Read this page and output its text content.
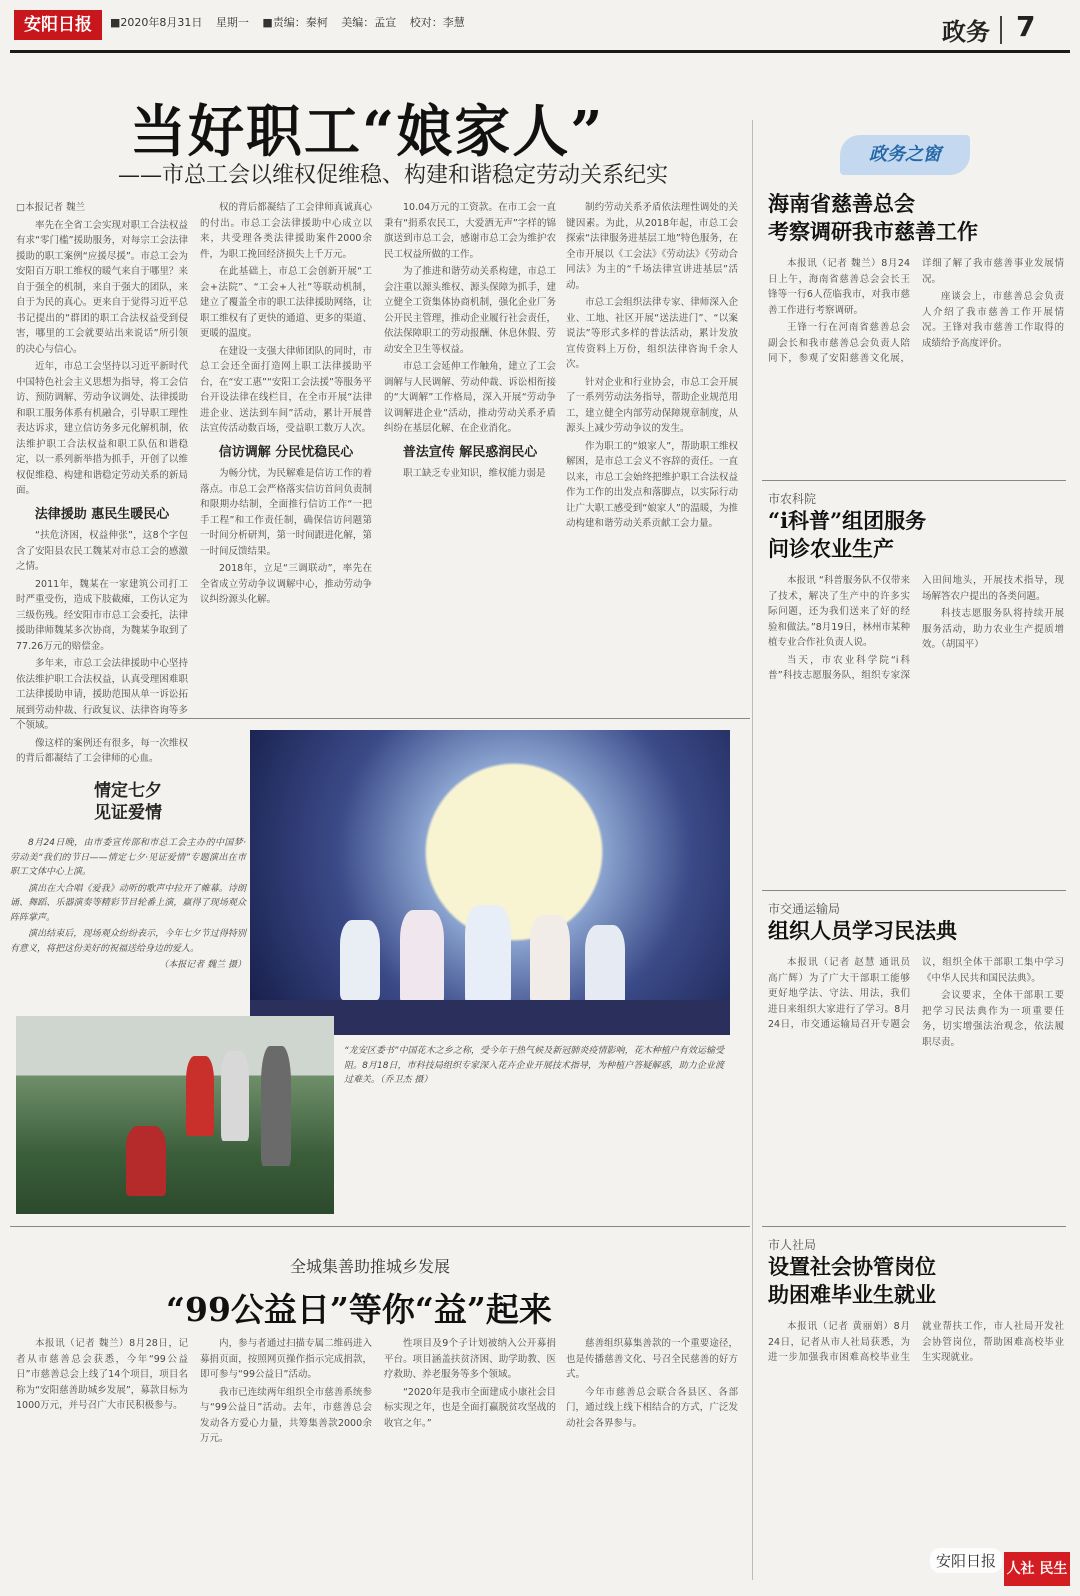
安阳日报	■2020年8月31日 星期一 ■责编：秦柯 美编：孟宣 校对：李慧	政务 7
当好职工“娘家人”
——市总工会以维权促维稳、构建和谐稳定劳动关系纪实

□本报记者 魏兰

率先在全省工会实现对职工合法权益有求“零门槛”援助服务，对每宗工会法律援助的职工案例“应援尽援”。市总工会为安阳百万职工维权的暖气来自于哪里？来自于强全的机制，来自于强大的团队，来自于为民的真心。更来自于觉得习近平总书记提出的“群团的职工合法权益受到侵害，哪里的工会就要站出来说话”所引领的决心与信心。

近年，市总工会坚持以习近平新时代中国特色社会主义思想为指导，将工会信访、预防调解、劳动争议调处、法律援助和职工服务体系有机融合，引导职工理性表达诉求，建立信访务多元化解机制，依法维护职工合法权益和职工队伍和谐稳定，以一系列新举措为抓手，开创了以维权促维稳、构建和谐稳定劳动关系的新局面。

法律援助 惠民生暖民心

“扶危济困，权益伸张”，这8个字包含了安阳县农民工魏某对市总工会的感激之情。

2011年，魏某在一家建筑公司打工时严重受伤，造成下肢截瘫，工伤认定为三级伤残。经安阳市市总工会委托，法律援助律师魏某多次协商，为魏某争取到了77.26万元的赔偿金。

多年来，市总工会法律援助中心坚持依法维护职工合法权益，认真受理困难职工法律援助申请，援助范围从单一诉讼拓展到劳动仲裁、行政复议、法律咨询等多个领域。

像这样的案例还有很多，每一次维权的背后都凝结了工会律师的心血。

权的背后都凝结了工会律师真诚真心的付出。市总工会法律援助中心成立以来，共受理各类法律援助案件2000余件，为职工挽回经济损失上千万元。

在此基础上，市总工会创新开展“工会+法院”、“工会+人社”等联动机制，建立了覆盖全市的职工法律援助网络，让职工维权有了更快的通道、更多的渠道、更暖的温度。

在建设一支强大律师团队的同时，市总工会还全面打造网上职工法律援助平台，在“安工惠”“安阳工会法援”等服务平台开设法律在线栏目，在全市开展“法律进企业、送法到车间”活动，累计开展普法宣传活动数百场，受益职工数万人次。

信访调解 分民忧稳民心

为畅分忧，为民解难是信访工作的着落点。市总工会严格落实信访首问负责制和限期办结制，全面推行信访工作“一把手工程”和工作责任制，确保信访问题第一时间分析研判，第一时间跟进化解，第一时间反馈结果。

2018年，立足“三调联动”，率先在全省成立劳动争议调解中心，推动劳动争议纠纷源头化解。

10.04万元的工资款。在市工会一直秉有“捐系农民工，大爱洒无声”字样的锦旗送到市总工会，感谢市总工会为维护农民工权益所做的工作。

为了推进和谐劳动关系构建，市总工会注重以源头维权、源头保障为抓手，建立健全工资集体协商机制，强化企业厂务公开民主管理，推动企业履行社会责任，依法保障职工的劳动报酬、休息休假、劳动安全卫生等权益。

市总工会延伸工作触角，建立了工会调解与人民调解、劳动仲裁、诉讼相衔接的“大调解”工作格局，深入开展“劳动争议调解进企业”活动，推动劳动关系矛盾纠纷在基层化解、在企业消化。

普法宣传 解民惑润民心

职工缺乏专业知识，维权能力弱是

制约劳动关系矛盾依法理性调处的关键因素。为此，从2018年起，市总工会探索“法律服务进基层工地”特色服务，在全市开展以《工会法》《劳动法》《劳动合同法》为主的“千场法律宣讲进基层”活动。

市总工会组织法律专家、律师深入企业、工地、社区开展“送法进门”、“以案说法”等形式多样的普法活动，累计发放宣传资料上万份，组织法律咨询千余人次。

针对企业和行业协会，市总工会开展了一系列劳动法务指导，帮助企业规范用工，建立健全内部劳动保障规章制度，从源头上减少劳动争议的发生。

作为职工的“娘家人”，帮助职工维权解困，是市总工会义不容辞的责任。一直以来，市总工会始终把维护职工合法权益作为工作的出发点和落脚点，以实际行动让广大职工感受到“娘家人”的温暖，为推动构建和谐劳动关系贡献工会力量。

情定七夕
见证爱情

8月24日晚，由市委宣传部和市总工会主办的中国梦·劳动美“我们的节日——情定七夕·见证爱情”专题演出在市职工文体中心上演。

演出在大合唱《爱我》动听的歌声中拉开了帷幕。诗朗诵、舞蹈、乐器演奏等精彩节目轮番上演，赢得了现场观众阵阵掌声。

演出结束后，现场观众纷纷表示，今年七夕节过得特别有意义，将把这份美好的祝福送给身边的爱人。

（本报记者 魏兰 摄）

“龙安区委书”中国花木之乡之称，受今年干热气候及新冠肺炎疫情影响，花木种植户有效运输受阻。8月18日，市科技局组织专家深入花卉企业开展技术指导，为种植户答疑解惑，助力企业渡过难关。（乔卫杰 摄）
全城集善助推城乡发展
“99公益日”等你“益”起来

本报讯（记者 魏兰）8月28日，记者从市慈善总会获悉，今年“99公益日”市慈善总会上线了14个项目，项目名称为“安阳慈善助城乡发展”，募款目标为1000万元，并号召广大市民积极参与。

内，参与者通过扫描专属二维码进入募捐页面，按照网页操作指示完成捐款，即可参与“99公益日”活动。

我市已连续两年组织全市慈善系统参与“99公益日”活动。去年，市慈善总会发动各方爱心力量，共筹集善款2000余万元。

性项目及9个子计划被纳入公开募捐平台。项目涵盖扶贫济困、助学助教、医疗救助、养老服务等多个领域。

“2020年是我市全面建成小康社会目标实现之年，也是全面打赢脱贫攻坚战的收官之年。”

慈善组织募集善款的一个重要途径，也是传播慈善文化、号召全民慈善的好方式。

今年市慈善总会联合各县区、各部门，通过线上线下相结合的方式，广泛发动社会各界参与。

政务之窗
海南省慈善总会
考察调研我市慈善工作

本报讯（记者 魏兰）8月24日上午，海南省慈善总会会长王锋等一行6人莅临我市，对我市慈善工作进行考察调研。

王锋一行在河南省慈善总会副会长和我市慈善总会负责人陪同下，参观了安阳慈善文化展，详细了解了我市慈善事业发展情况。

座谈会上，市慈善总会负责人介绍了我市慈善工作开展情况。王锋对我市慈善工作取得的成绩给予高度评价。

市农科院
“i科普”组团服务
问诊农业生产

本报讯 “科普服务队不仅带来了技术，解决了生产中的许多实际问题，还为我们送来了好的经验和做法。”8月19日，林州市某种植专业合作社负责人说。

当天，市农业科学院“i科普”科技志愿服务队，组织专家深入田间地头，开展技术指导，现场解答农户提出的各类问题。

科技志愿服务队将持续开展服务活动，助力农业生产提质增效。（胡国平）

市交通运输局
组织人员学习民法典

本报讯（记者 赵慧 通讯员 高广辉）为了广大干部职工能够更好地学法、守法、用法，我们进日来组织大家进行了学习。8月24日，市交通运输局召开专题会议，组织全体干部职工集中学习《中华人民共和国民法典》。

会议要求，全体干部职工要把学习民法典作为一项重要任务，切实增强法治观念，依法履职尽责。

市人社局
设置社会协管岗位
助困难毕业生就业

本报讯（记者 黄丽娟）8月24日，记者从市人社局获悉，为进一步加强我市困难高校毕业生就业帮扶工作，市人社局开发社会协管岗位，帮助困难高校毕业生实现就业。

安阳日报 人社 民生
